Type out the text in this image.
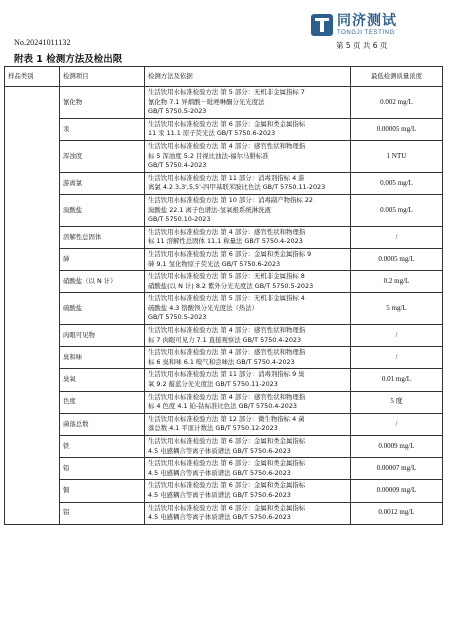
No.20241011132
同济测试
TONGJI TESTING
第 5 页 共 6 页
附表 1 检测方法及检出限
样品类别	检测项目	检测方法及依据	最低检测质量浓度
	氰化物	生活饮用水标准检验方法 第 5 部分：无机非金属指标 7
氰化物 7.1 异烟酸－吡唑啉酮分光光度法
GB/T 5750.5-2023	0.002 mg/L
	汞	生活饮用水标准检验方法 第 6 部分：金属和类金属指标
11 汞 11.1 原子荧光法 GB/T 5750.6-2023	0.00005 mg/L
	浑浊度	生活饮用水标准检验方法 第 4 部分：感官性状和物理指
标 5 浑浊度 5.2 目视比浊法-福尔马肼标准
GB/T 5750.4-2023	1 NTU
	游离氯	生活饮用水标准检验方法 第 11 部分：消毒剂指标 4 游
离氯 4.2 3,3',5,5'-四甲基联苯胺比色法 GB/T 5750.11-2023	0.005 mg/L
	溴酸盐	生活饮用水标准检验方法 第 10 部分：消毒副产物指标 22
溴酸盐 22.1 离子色谱法-氢氧根系统淋洗液
GB/T 5750.10-2023	0.005 mg/L
	溶解性总固体	生活饮用水标准检验方法 第 4 部分：感官性状和物理指
标 11 溶解性总固体 11.1 称量法 GB/T 5750.4-2023	/
	砷	生活饮用水标准检验方法 第 6 部分：金属和类金属指标 9
砷 9.1 氢化物原子荧光法 GB/T 5750.6-2023	0.0005 mg/L
	硝酸盐（以 N 计）	生活饮用水标准检验方法 第 5 部分：无机非金属指标 8
硝酸盐(以 N 计) 8.2 紫外分光光度法 GB/T 5750.5-2023	0.2 mg/L
	硫酸盐	生活饮用水标准检验方法 第 5 部分：无机非金属指标 4
硫酸盐 4.3 铬酸钡分光光度法（热法）
GB/T 5750.5-2023	5 mg/L
	肉眼可见物	生活饮用水标准检验方法 第 4 部分：感官性状和物理指
标 7 肉眼可见力 7.1 直接观察法 GB/T 5750.4-2023	/
	臭和味	生活饮用水标准检验方法 第 4 部分：感官性状和物理指
标 6 臭和味 6.1 嗅气和尝味法 GB/T 5750.4-2023	/
	臭氧	生活饮用水标准检验方法 第 11 部分：消毒剂指标 9 臭
氧 9.2 靛蓝分光光度法 GB/T 5750.11-2023	0.01 mg/L
	色度	生活饮用水标准检验方法 第 4 部分：感官性状和物理指
标 4 色度 4.1 铂-钴标准比色法 GB/T 5750.4-2023	5 度
	菌落总数	生活饮用水标准检验方法 第 12 部分：微生物指标 4 菌
落总数 4.1 平皿计数法 GB/T 5750.12-2023	/
	铁	生活饮用水标准检验方法 第 6 部分：金属和类金属指标
4.5 电感耦合等离子体质谱法 GB/T 5750.6-2023	0.0009 mg/L
	铅	生活饮用水标准检验方法 第 6 部分：金属和类金属指标
4.5 电感耦合等离子体质谱法 GB/T 5750.6-2023	0.00007 mg/L
	铜	生活饮用水标准检验方法 第 6 部分：金属和类金属指标
4.5 电感耦合等离子体质谱法 GB/T 5750.6-2023	0.00009 mg/L
	铝	生活饮用水标准检验方法 第 6 部分：金属和类金属指标
4.5 电感耦合等离子体质谱法 GB/T 5750.6-2023	0.0012 mg/L
